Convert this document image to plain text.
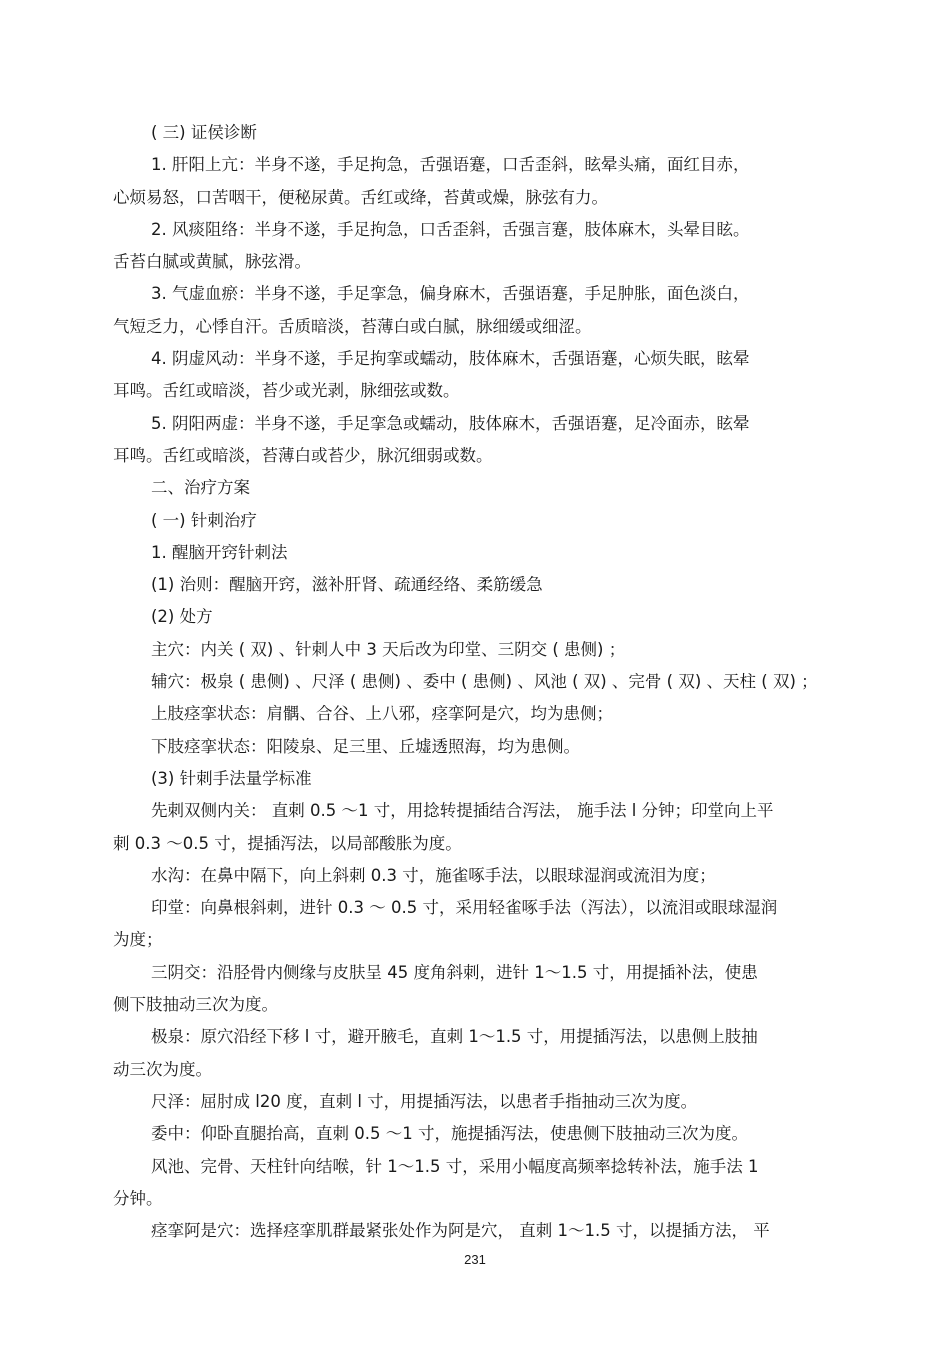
( 三) 证侯诊断
1. 肝阳上亢：半身不遂，手足拘急，舌强语蹇，口舌歪斜，眩晕头痛，面红目赤，
心烦易怒，口苦咽干，便秘尿黄。舌红或绛，苔黄或燥，脉弦有力。
2. 风痰阻络：半身不遂，手足拘急，口舌歪斜，舌强言蹇，肢体麻木，头晕目眩。
舌苔白腻或黄腻，脉弦滑。
3. 气虚血瘀：半身不遂，手足挛急，偏身麻木，舌强语蹇，手足肿胀，面色淡白，
气短乏力，心悸自汗。舌质暗淡，苔薄白或白腻，脉细缓或细涩。
4. 阴虚风动：半身不遂，手足拘挛或蠕动，肢体麻木，舌强语蹇，心烦失眠，眩晕
耳鸣。舌红或暗淡，苔少或光剥，脉细弦或数。
5. 阴阳两虚：半身不遂，手足挛急或蠕动，肢体麻木，舌强语蹇，足冷面赤，眩晕
耳鸣。舌红或暗淡，苔薄白或苔少，脉沉细弱或数。
二、治疗方案
( 一) 针刺治疗
1. 醒脑开窍针刺法
(1) 治则：醒脑开窍，滋补肝肾、疏通经络、柔筋缓急
(2) 处方
主穴：内关 ( 双) 、针刺人中 3 天后改为印堂、三阴交 ( 患侧) ；
辅穴：极泉 ( 患侧) 、尺泽 ( 患侧) 、委中 ( 患侧) 、风池 ( 双) 、完骨 ( 双) 、天柱 ( 双) ；
上肢痉挛状态：肩髃、合谷、上八邪，痉挛阿是穴，均为患侧；
下肢痉挛状态：阳陵泉、足三里、丘墟透照海，均为患侧。
(3) 针刺手法量学标准
先刺双侧内关： 直刺 0.5 ～1 寸，用捻转提插结合泻法， 施手法 l 分钟；印堂向上平
刺 0.3 ～0.5 寸，提插泻法，以局部酸胀为度。
水沟：在鼻中隔下，向上斜刺 0.3 寸，施雀啄手法，以眼球湿润或流泪为度；
印堂：向鼻根斜刺，进针 0.3 ～ 0.5 寸，采用轻雀啄手法（泻法），以流泪或眼球湿润
为度；
三阴交：沿胫骨内侧缘与皮肤呈 45 度角斜刺，进针 1～1.5 寸，用提插补法，使患
侧下肢抽动三次为度。
极泉：原穴沿经下移 l 寸，避开腋毛，直刺 1～1.5 寸，用提插泻法，以患侧上肢抽
动三次为度。
尺泽：屈肘成 l20 度，直刺 l 寸，用提插泻法，以患者手指抽动三次为度。
委中：仰卧直腿抬高，直刺 0.5 ～1 寸，施提插泻法，使患侧下肢抽动三次为度。
风池、完骨、天柱针向结喉，针 1～1.5 寸，采用小幅度高频率捻转补法，施手法 1
分钟。
痉挛阿是穴：选择痉挛肌群最紧张处作为阿是穴， 直刺 1～1.5 寸，以提插方法， 平
231
